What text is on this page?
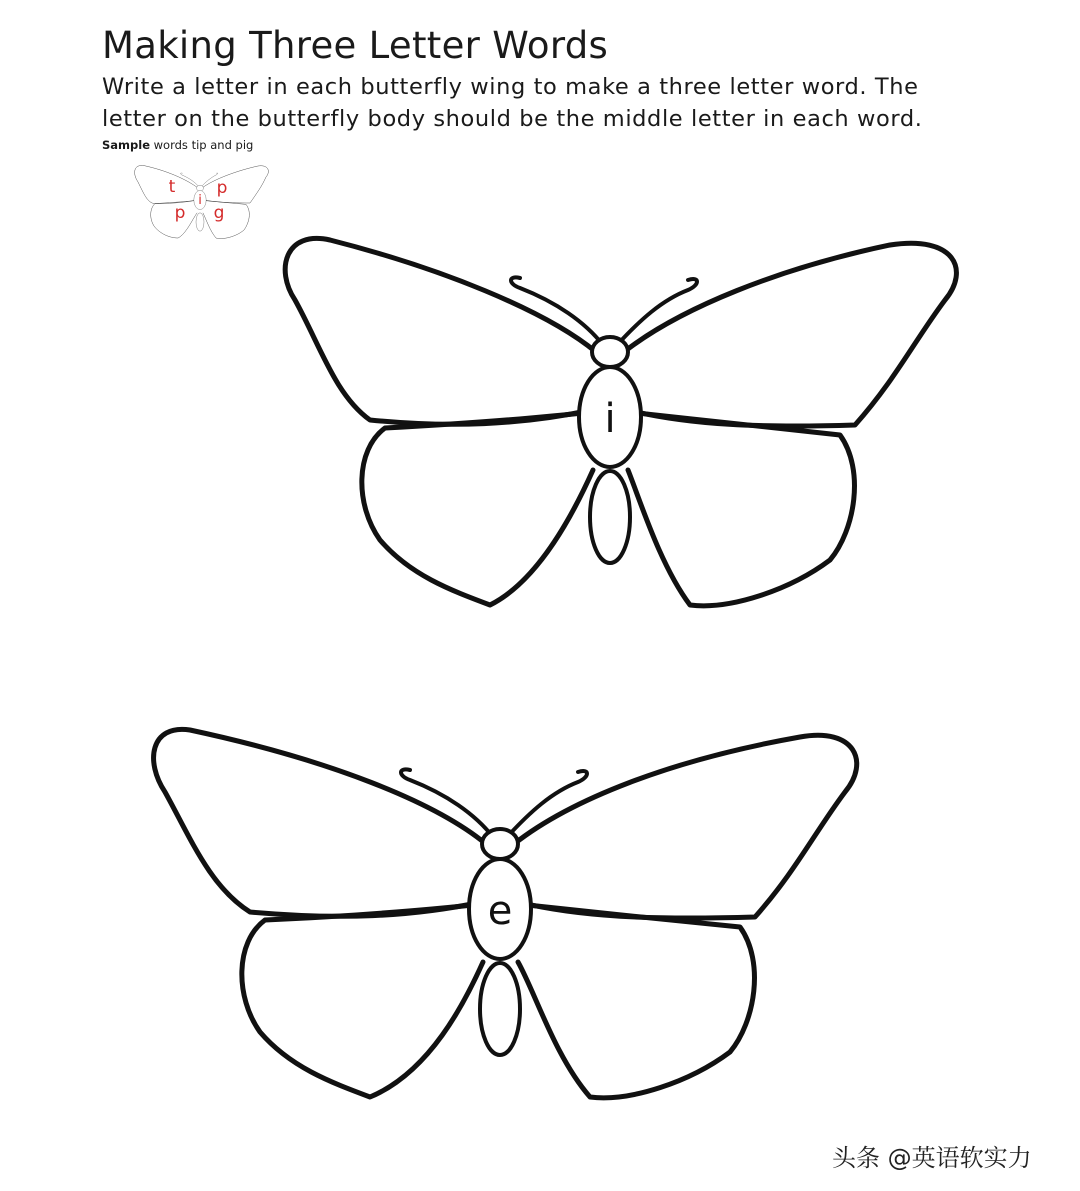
Making Three Letter Words
Write a letter in each butterfly wing to make a three letter word. The
letter on the butterfly body should be the middle letter in each word.
Sample words tip and pig
t p
i
p g
i
e
头条 @英语软实力
